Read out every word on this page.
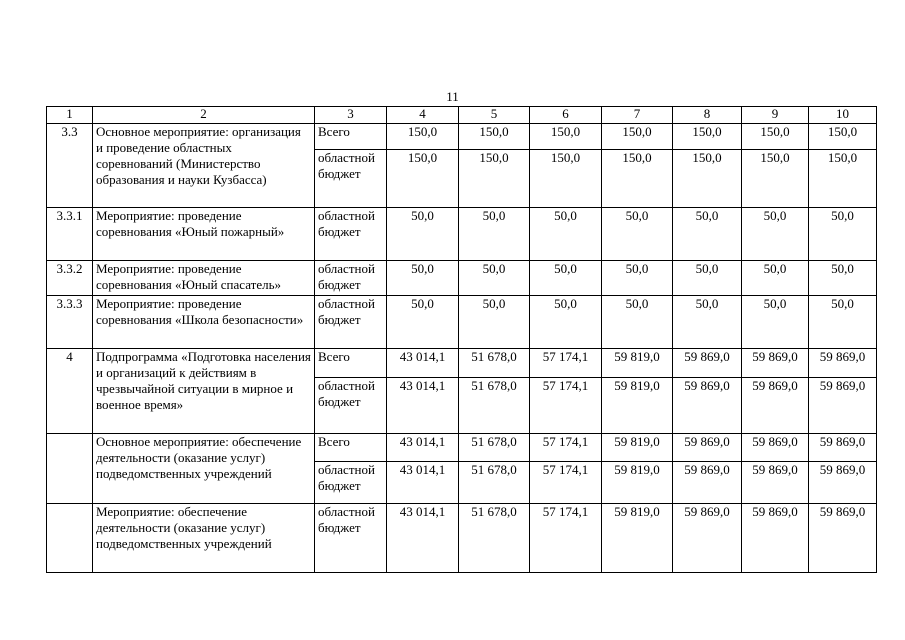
11
1	2	3	4	5	6	7	8	9	10
3.3	Основное мероприятие: организация и проведение областных соревнований (Министерство образования и науки Кузбасса)	Всего	150,0	150,0	150,0	150,0	150,0	150,0	150,0
		областной бюджет	150,0	150,0	150,0	150,0	150,0	150,0	150,0
3.3.1	Мероприятие: проведение соревнования «Юный пожарный»	областной бюджет	50,0	50,0	50,0	50,0	50,0	50,0	50,0
3.3.2	Мероприятие: проведение соревнования «Юный спасатель»	областной бюджет	50,0	50,0	50,0	50,0	50,0	50,0	50,0
3.3.3	Мероприятие: проведение соревнования «Школа безопасности»	областной бюджет	50,0	50,0	50,0	50,0	50,0	50,0	50,0
4	Подпрограмма «Подготовка населения и организаций к действиям в чрезвычайной ситуации в мирное и военное время»	Всего	43 014,1	51 678,0	57 174,1	59 819,0	59 869,0	59 869,0	59 869,0
		областной бюджет	43 014,1	51 678,0	57 174,1	59 819,0	59 869,0	59 869,0	59 869,0
	Основное мероприятие: обеспечение деятельности (оказание услуг) подведомственных учреждений	Всего	43 014,1	51 678,0	57 174,1	59 819,0	59 869,0	59 869,0	59 869,0
		областной бюджет	43 014,1	51 678,0	57 174,1	59 819,0	59 869,0	59 869,0	59 869,0
	Мероприятие: обеспечение деятельности (оказание услуг) подведомственных учреждений	областной бюджет	43 014,1	51 678,0	57 174,1	59 819,0	59 869,0	59 869,0	59 869,0
